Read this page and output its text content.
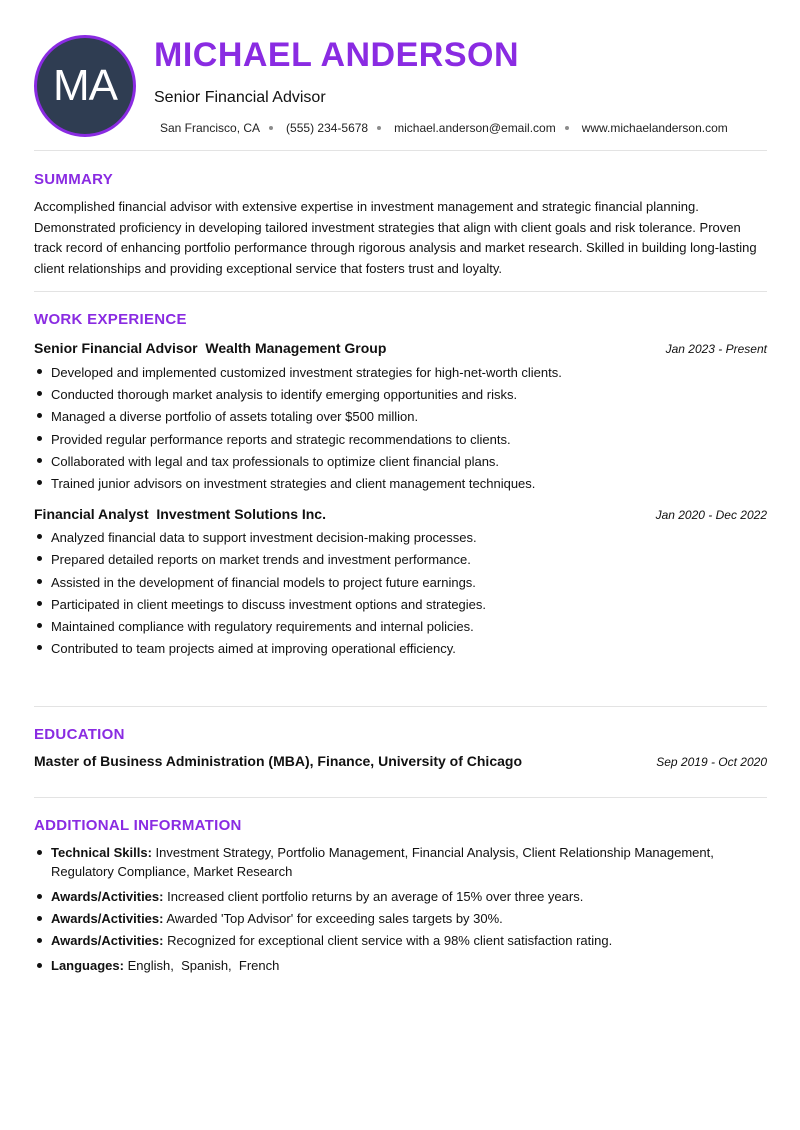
MA
MICHAEL ANDERSON
Senior Financial Advisor
San Francisco, CA (555) 234-5678 michael.anderson@email.com www.michaelanderson.com
SUMMARY

Accomplished financial advisor with extensive expertise in investment management and strategic financial planning. Demonstrated proficiency in developing tailored investment strategies that align with client goals and risk tolerance. Proven track record of enhancing portfolio performance through rigorous analysis and market research. Skilled in building long-lasting client relationships and providing exceptional service that fosters trust and loyalty.

WORK EXPERIENCE
Senior Financial Advisor Wealth Management Group	Jan 2023 - Present
Developed and implemented customized investment strategies for high-net-worth clients.
Conducted thorough market analysis to identify emerging opportunities and risks.
Managed a diverse portfolio of assets totaling over $500 million.
Provided regular performance reports and strategic recommendations to clients.
Collaborated with legal and tax professionals to optimize client financial plans.
Trained junior advisors on investment strategies and client management techniques.
Financial Analyst Investment Solutions Inc.	Jan 2020 - Dec 2022
Analyzed financial data to support investment decision-making processes.
Prepared detailed reports on market trends and investment performance.
Assisted in the development of financial models to project future earnings.
Participated in client meetings to discuss investment options and strategies.
Maintained compliance with regulatory requirements and internal policies.
Contributed to team projects aimed at improving operational efficiency.
EDUCATION
Master of Business Administration (MBA), Finance, University of Chicago	Sep 2019 - Oct 2020
ADDITIONAL INFORMATION
Technical Skills: Investment Strategy, Portfolio Management, Financial Analysis, Client Relationship Management, Regulatory Compliance, Market Research
Awards/Activities: Increased client portfolio returns by an average of 15% over three years.
Awards/Activities: Awarded 'Top Advisor' for exceeding sales targets by 30%.
Awards/Activities: Recognized for exceptional client service with a 98% client satisfaction rating.
Languages: English,  Spanish,  French
